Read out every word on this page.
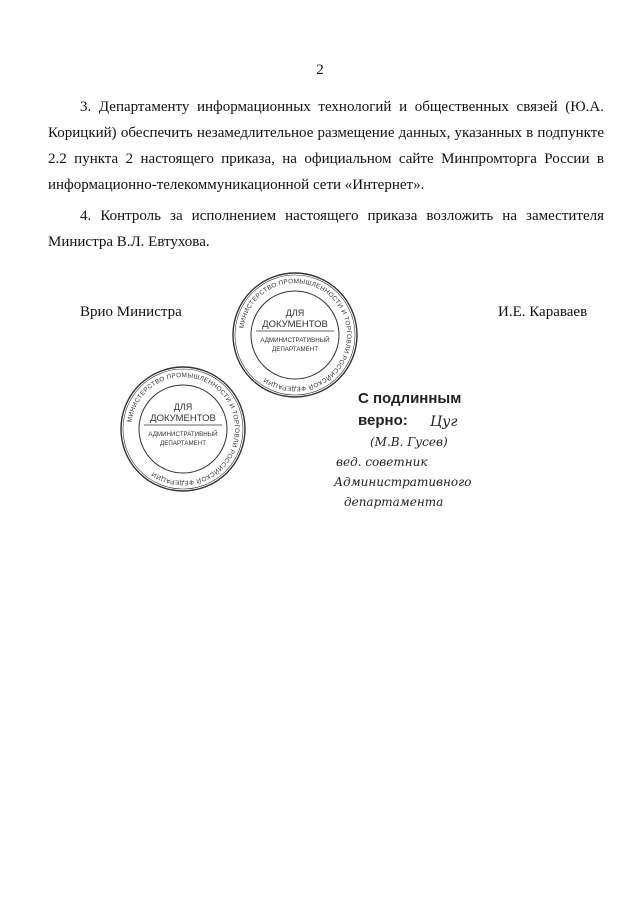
2

3. Департаменту информационных технологий и общественных связей (Ю.А. Корицкий) обеспечить незамедлительное размещение данных, указанных в подпункте 2.2 пункта 2 настоящего приказа, на официальном сайте Минпромторга России в информационно-телекоммуникационной сети «Интернет».

4. Контроль за исполнением настоящего приказа возложить на заместителя Министра В.Л. Евтухова.

Врио Министра	И.Е. Караваев
МИНИСТЕРСТВО ПРОМЫШЛЕННОСТИ И ТОРГОВЛИ РОССИЙСКОЙ ФЕДЕРАЦИИ
ДЛЯ
ДОКУМЕНТОВ
АДМИНИСТРАТИВНЫЙ
ДЕПАРТАМЕНТ
МИНИСТЕРСТВО ПРОМЫШЛЕННОСТИ И ТОРГОВЛИ РОССИЙСКОЙ ФЕДЕРАЦИИ
ДЛЯ
ДОКУМЕНТОВ
АДМИНИСТРАТИВНЫЙ
ДЕПАРТАМЕНТ
С подлинным
верно:	Цуг
(М.В. Гусев)
вед. советник
Административного
департамента
